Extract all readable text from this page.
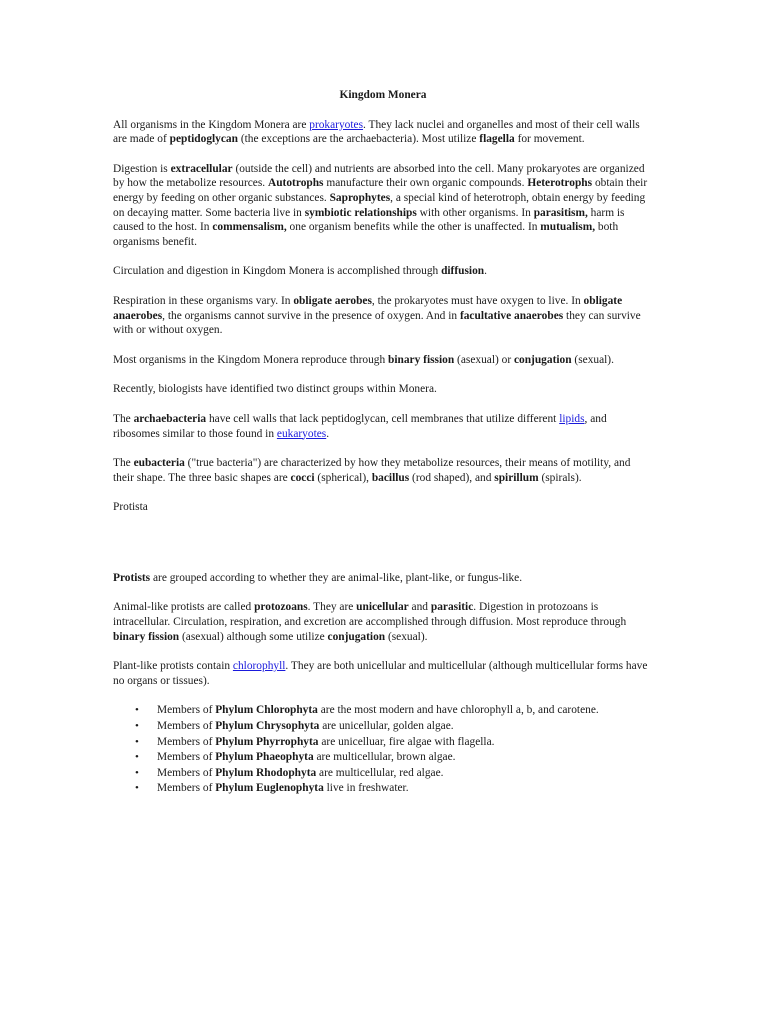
Kingdom Monera

All organisms in the Kingdom Monera are prokaryotes. They lack nuclei and organelles and most of their cell walls are made of peptidoglycan (the exceptions are the archaebacteria). Most utilize flagella for movement.

Digestion is extracellular (outside the cell) and nutrients are absorbed into the cell. Many prokaryotes are organized by how the metabolize resources. Autotrophs manufacture their own organic compounds. Heterotrophs obtain their energy by feeding on other organic substances. Saprophytes, a special kind of heterotroph, obtain energy by feeding on decaying matter. Some bacteria live in symbiotic relationships with other organisms. In parasitism, harm is caused to the host. In commensalism, one organism benefits while the other is unaffected. In mutualism, both organisms benefit.

Circulation and digestion in Kingdom Monera is accomplished through diffusion.

Respiration in these organisms vary. In obligate aerobes, the prokaryotes must have oxygen to live. In obligate anaerobes, the organisms cannot survive in the presence of oxygen. And in facultative anaerobes they can survive with or without oxygen.

Most organisms in the Kingdom Monera reproduce through binary fission (asexual) or conjugation (sexual).

Recently, biologists have identified two distinct groups within Monera.

The archaebacteria have cell walls that lack peptidoglycan, cell membranes that utilize different lipids, and ribosomes similar to those found in eukaryotes.

The eubacteria ("true bacteria") are characterized by how they metabolize resources, their means of motility, and their shape. The three basic shapes are cocci (spherical), bacillus (rod shaped), and spirillum (spirals).

Protista

Protists are grouped according to whether they are animal-like, plant-like, or fungus-like.

Animal-like protists are called protozoans. They are unicellular and parasitic. Digestion in protozoans is intracellular. Circulation, respiration, and excretion are accomplished through diffusion. Most reproduce through binary fission (asexual) although some utilize conjugation (sexual).

Plant-like protists contain chlorophyll. They are both unicellular and multicellular (although multicellular forms have no organs or tissues).

• Members of Phylum Chlorophyta are the most modern and have chlorophyll a, b, and carotene.
• Members of Phylum Chrysophyta are unicellular, golden algae.
• Members of Phylum Phyrrophyta are unicelluar, fire algae with flagella.
• Members of Phylum Phaeophyta are multicellular, brown algae.
• Members of Phylum Rhodophyta are multicellular, red algae.
• Members of Phylum Euglenophyta live in freshwater.
